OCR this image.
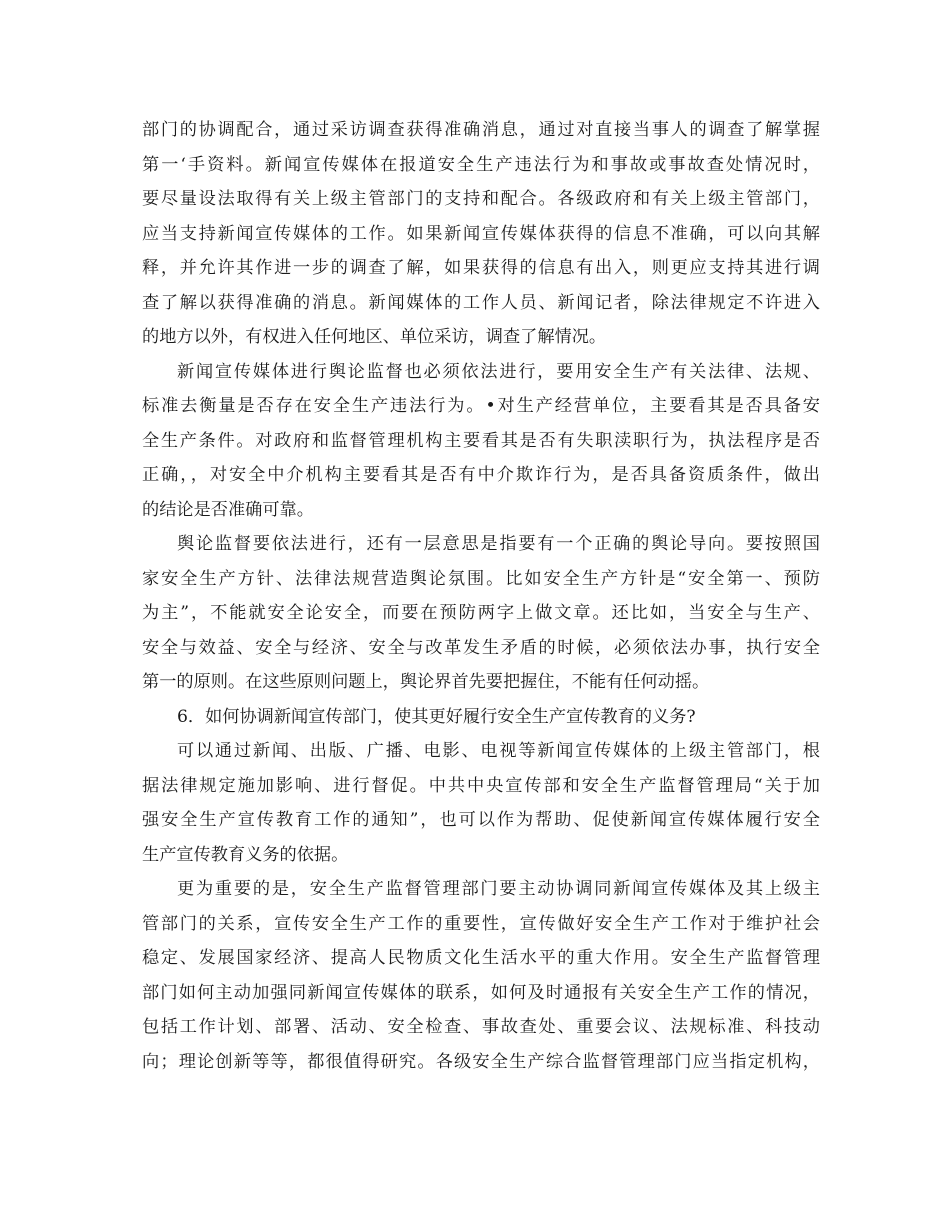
部门的协调配合，通过采访调查获得准确消息，通过对直接当事人的调查了解掌握
第一‘手资料。新闻宣传媒体在报道安全生产违法行为和事故或事故查处情况时，
要尽量设法取得有关上级主管部门的支持和配合。各级政府和有关上级主管部门，
应当支持新闻宣传媒体的工作。如果新闻宣传媒体获得的信息不准确，可以向其解
释，并允许其作进一步的调查了解，如果获得的信息有出入，则更应支持其进行调
查了解以获得准确的消息。新闻媒体的工作人员、新闻记者，除法律规定不许进入
的地方以外，有权进入任何地区、单位采访，调查了解情况。
新闻宣传媒体进行舆论监督也必须依法进行，要用安全生产有关法律、法规、
标准去衡量是否存在安全生产违法行为。•对生产经营单位，主要看其是否具备安
全生产条件。对政府和监督管理机构主要看其是否有失职渎职行为，执法程序是否
正确，，对安全中介机构主要看其是否有中介欺诈行为，是否具备资质条件，做出
的结论是否准确可靠。
舆论监督要依法进行，还有一层意思是指要有一个正确的舆论导向。要按照国
家安全生产方针、法律法规营造舆论氛围。比如安全生产方针是“安全第一、预防
为主”，不能就安全论安全，而要在预防两字上做文章。还比如，当安全与生产、
安全与效益、安全与经济、安全与改革发生矛盾的时候，必须依法办事，执行安全
第一的原则。在这些原则问题上，舆论界首先要把握住，不能有任何动摇。
6．如何协调新闻宣传部门，使其更好履行安全生产宣传教育的义务?
可以通过新闻、出版、广播、电影、电视等新闻宣传媒体的上级主管部门，根
据法律规定施加影响、进行督促。中共中央宣传部和安全生产监督管理局“关于加
强安全生产宣传教育工作的通知”，也可以作为帮助、促使新闻宣传媒体履行安全
生产宣传教育义务的依据。
更为重要的是，安全生产监督管理部门要主动协调同新闻宣传媒体及其上级主
管部门的关系，宣传安全生产工作的重要性，宣传做好安全生产工作对于维护社会
稳定、发展国家经济、提高人民物质文化生活水平的重大作用。安全生产监督管理
部门如何主动加强同新闻宣传媒体的联系，如何及时通报有关安全生产工作的情况，
包括工作计划、部署、活动、安全检查、事故查处、重要会议、法规标准、科技动
向；理论创新等等，都很值得研究。各级安全生产综合监督管理部门应当指定机构，
